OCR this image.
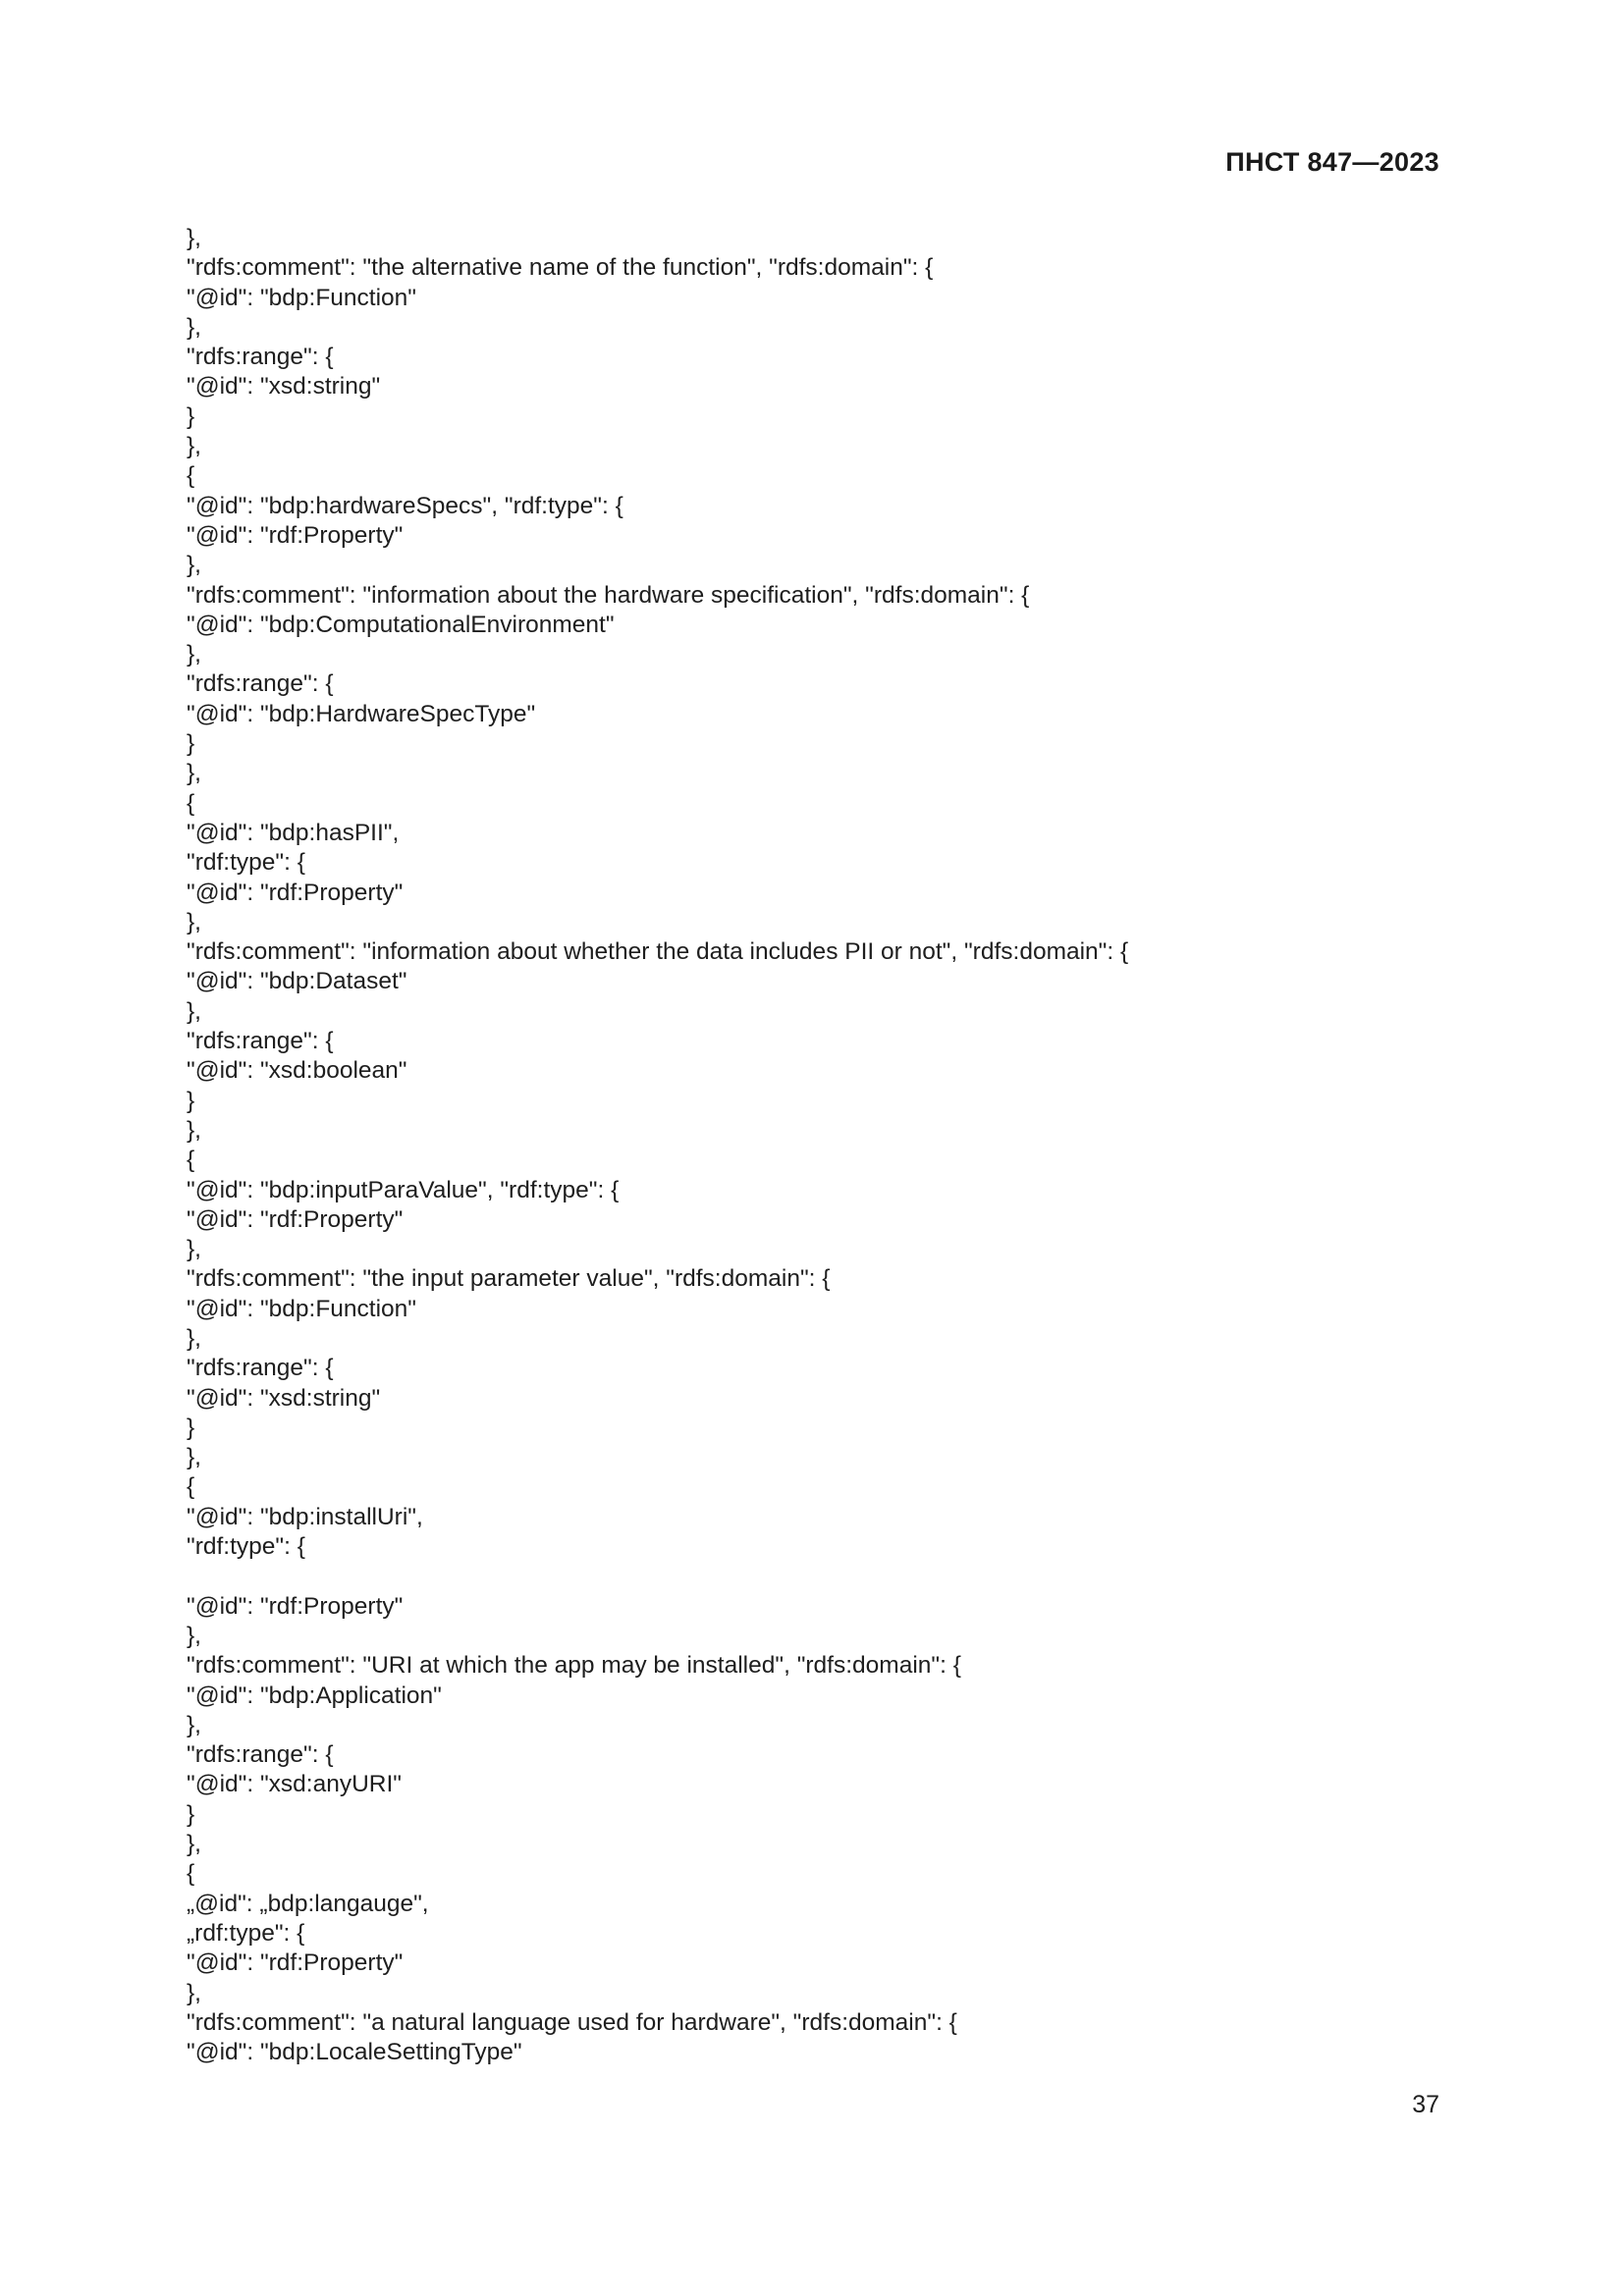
ПНСТ 847—2023
},
"rdfs:comment": "the alternative name of the function", "rdfs:domain": {
"@id": "bdp:Function"
},
"rdfs:range": {
"@id": "xsd:string"
}
},
{
"@id": "bdp:hardwareSpecs", "rdf:type": {
"@id": "rdf:Property"
},
"rdfs:comment": "information about the hardware specification", "rdfs:domain": {
"@id": "bdp:ComputationalEnvironment"
},
"rdfs:range": {
"@id": "bdp:HardwareSpecType"
}
},
{
"@id": "bdp:hasPII",
"rdf:type": {
"@id": "rdf:Property"
},
"rdfs:comment": "information about whether the data includes PII or not", "rdfs:domain": {
"@id": "bdp:Dataset"
},
"rdfs:range": {
"@id": "xsd:boolean"
}
},
{
"@id": "bdp:inputParaValue", "rdf:type": {
"@id": "rdf:Property"
},
"rdfs:comment": "the input parameter value", "rdfs:domain": {
"@id": "bdp:Function"
},
"rdfs:range": {
"@id": "xsd:string"
}
},
{
"@id": "bdp:installUri",
"rdf:type": {
"@id": "rdf:Property"
},
"rdfs:comment": "URI at which the app may be installed", "rdfs:domain": {
"@id": "bdp:Application"
},
"rdfs:range": {
"@id": "xsd:anyURI"
}
},
{
„@id": „bdp:langauge",
„rdf:type": {
"@id": "rdf:Property"
},
"rdfs:comment": "a natural language used for hardware", "rdfs:domain": {
"@id": "bdp:LocaleSettingType"
37
